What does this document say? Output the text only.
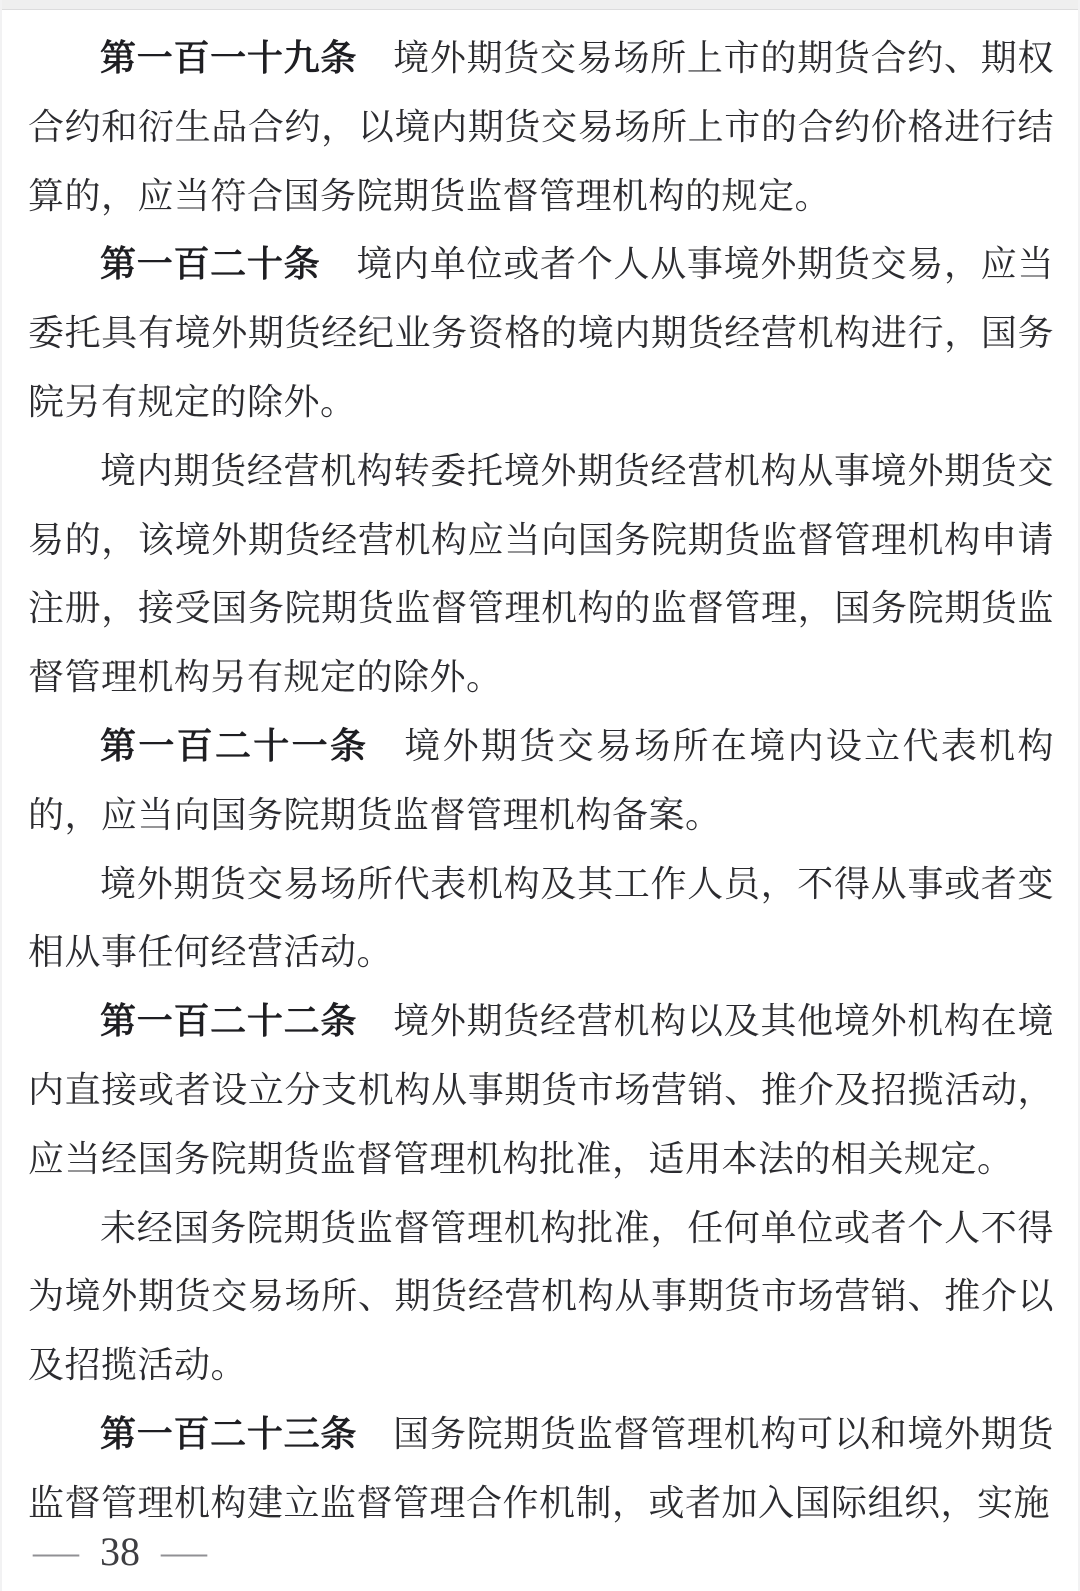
第一百一十九条 境外期货交易场所上市的期货合约、期权合约和衍生品合约，以境内期货交易场所上市的合约价格进行结算的，应当符合国务院期货监督管理机构的规定。

第一百二十条 境内单位或者个人从事境外期货交易，应当委托具有境外期货经纪业务资格的境内期货经营机构进行，国务院另有规定的除外。

境内期货经营机构转委托境外期货经营机构从事境外期货交易的，该境外期货经营机构应当向国务院期货监督管理机构申请注册，接受国务院期货监督管理机构的监督管理，国务院期货监督管理机构另有规定的除外。

第一百二十一条 境外期货交易场所在境内设立代表机构的，应当向国务院期货监督管理机构备案。

境外期货交易场所代表机构及其工作人员，不得从事或者变相从事任何经营活动。

第一百二十二条 境外期货经营机构以及其他境外机构在境内直接或者设立分支机构从事期货市场营销、推介及招揽活动，应当经国务院期货监督管理机构批准，适用本法的相关规定。

未经国务院期货监督管理机构批准，任何单位或者个人不得为境外期货交易场所、期货经营机构从事期货市场营销、推介以及招揽活动。

第一百二十三条 国务院期货监督管理机构可以和境外期货监督管理机构建立监督管理合作机制，或者加入国际组织，实施

— 38 —
